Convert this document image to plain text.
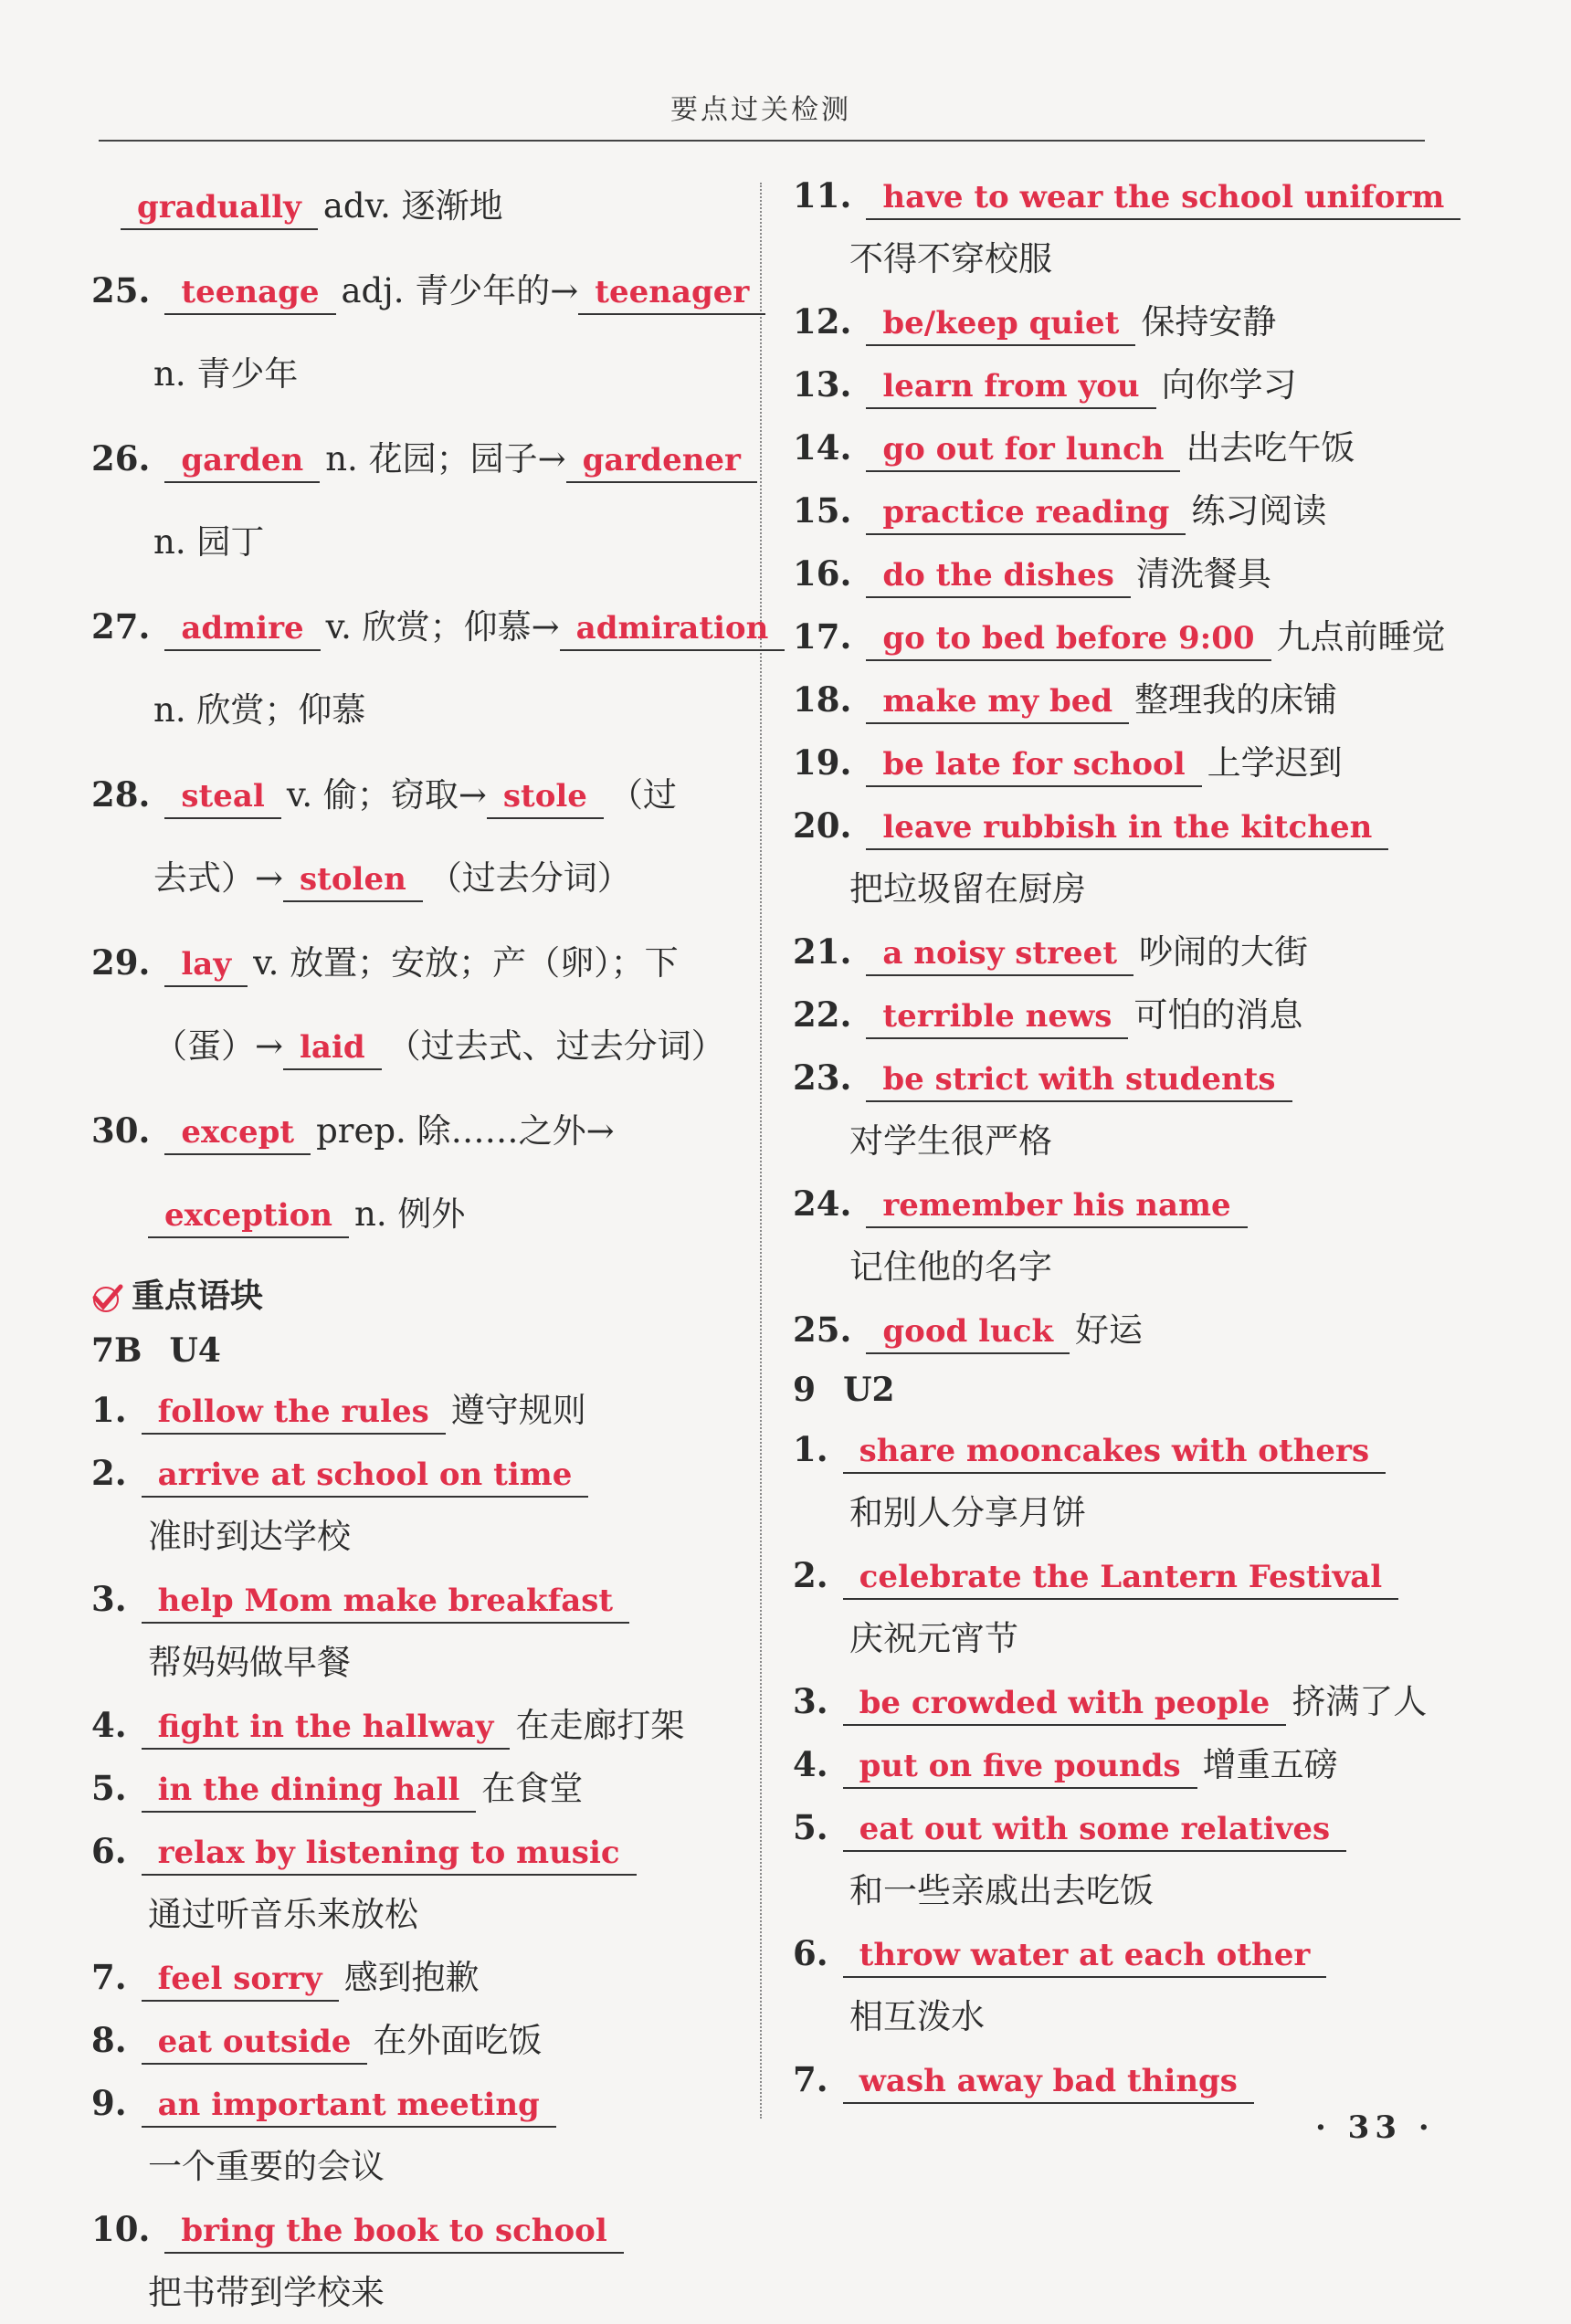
要点过关检测
gradually adv. 逐渐地
25. teenage adj. 青少年的→ teenager
n. 青少年
26. garden n. 花园；园子→ gardener
n. 园丁
27. admire v. 欣赏；仰慕→ admiration
n. 欣赏；仰慕
28. steal v. 偷；窃取→ stole （过
去式）→ stolen （过去分词）
29. lay v. 放置；安放；产（卵）；下
（蛋）→ laid （过去式、过去分词）
30. except prep. 除……之外→
exception n. 例外
重点语块
7B U4
1. follow the rules 遵守规则
2. arrive at school on time
准时到达学校
3. help Mom make breakfast
帮妈妈做早餐
4. fight in the hallway 在走廊打架
5. in the dining hall 在食堂
6. relax by listening to music
通过听音乐来放松
7. feel sorry 感到抱歉
8. eat outside 在外面吃饭
9. an important meeting
一个重要的会议
10. bring the book to school
把书带到学校来
11. have to wear the school uniform
不得不穿校服
12. be/keep quiet 保持安静
13. learn from you 向你学习
14. go out for lunch 出去吃午饭
15. practice reading 练习阅读
16. do the dishes 清洗餐具
17. go to bed before 9:00 九点前睡觉
18. make my bed 整理我的床铺
19. be late for school 上学迟到
20. leave rubbish in the kitchen
把垃圾留在厨房
21. a noisy street 吵闹的大街
22. terrible news 可怕的消息
23. be strict with students
对学生很严格
24. remember his name
记住他的名字
25. good luck 好运
9 U2
1. share mooncakes with others
和别人分享月饼
2. celebrate the Lantern Festival
庆祝元宵节
3. be crowded with people 挤满了人
4. put on five pounds 增重五磅
5. eat out with some relatives
和一些亲戚出去吃饭
6. throw water at each other
相互泼水
7. wash away bad things
· 33 ·
